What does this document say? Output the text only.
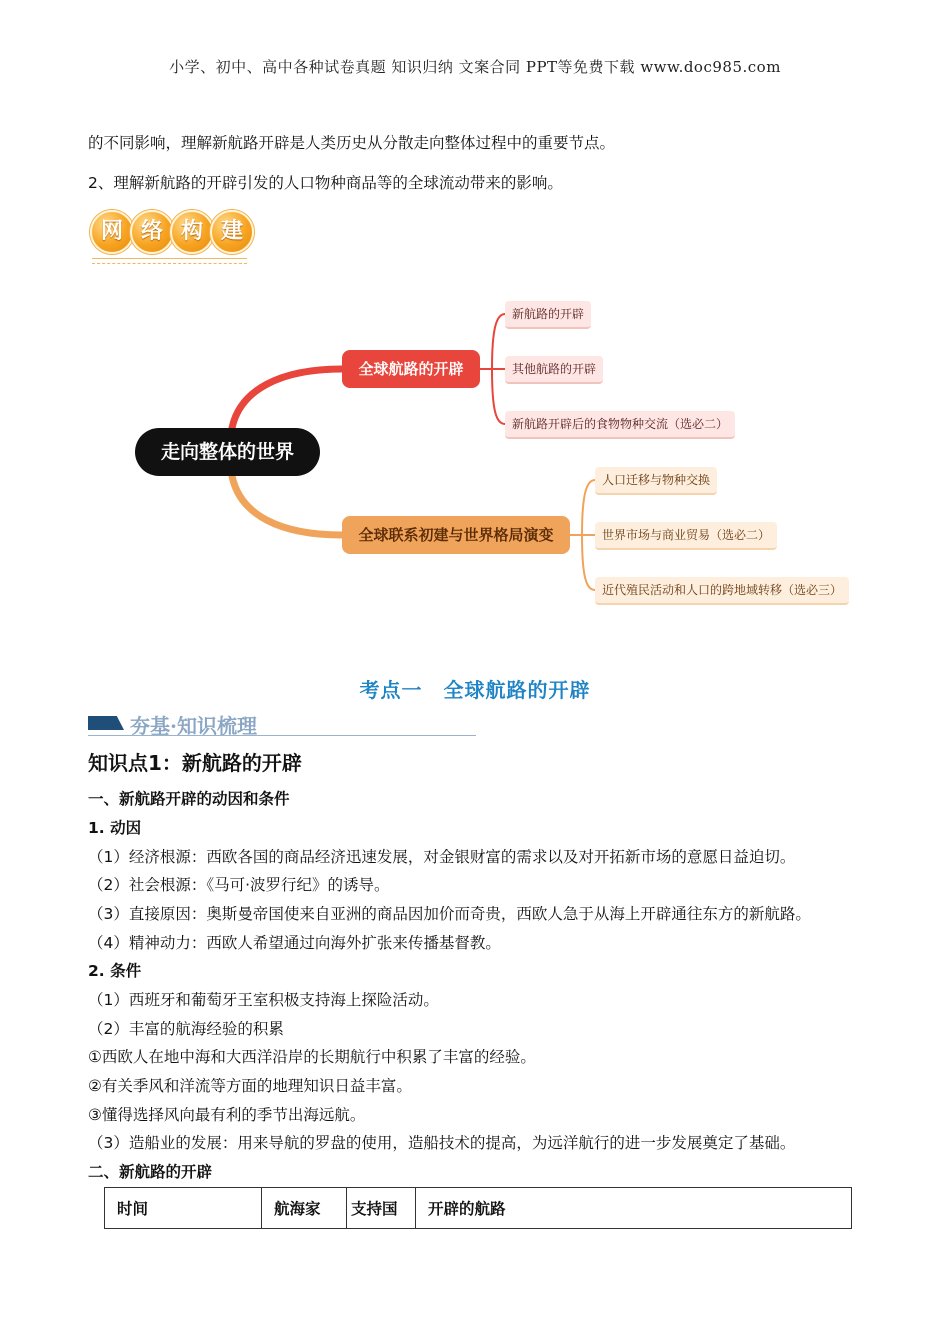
小学、初中、高中各种试卷真题 知识归纳 文案合同 PPT等免费下载 www.doc985.com
的不同影响，理解新航路开辟是人类历史从分散走向整体过程中的重要节点。
2、理解新航路的开辟引发的人口物种商品等的全球流动带来的影响。
网 络 构 建
走向整体的世界
全球航路的开辟
全球联系初建与世界格局演变
新航路的开辟
其他航路的开辟
新航路开辟后的食物物种交流（选必二）
人口迁移与物种交换
世界市场与商业贸易（选必二）
近代殖民活动和人口的跨地域转移（选必三）
考点一　全球航路的开辟
夯基·知识梳理
知识点1：新航路的开辟
一、新航路开辟的动因和条件
1. 动因
（1）经济根源：西欧各国的商品经济迅速发展，对金银财富的需求以及对开拓新市场的意愿日益迫切。
（2）社会根源：《马可·波罗行纪》的诱导。
（3）直接原因：奥斯曼帝国使来自亚洲的商品因加价而奇贵，西欧人急于从海上开辟通往东方的新航路。
（4）精神动力：西欧人希望通过向海外扩张来传播基督教。
2. 条件
（1）西班牙和葡萄牙王室积极支持海上探险活动。
（2）丰富的航海经验的积累
①西欧人在地中海和大西洋沿岸的长期航行中积累了丰富的经验。
②有关季风和洋流等方面的地理知识日益丰富。
③懂得选择风向最有利的季节出海远航。
（3）造船业的发展：用来导航的罗盘的使用，造船技术的提高，为远洋航行的进一步发展奠定了基础。
二、新航路的开辟
时间	航海家	支持国	开辟的航路
